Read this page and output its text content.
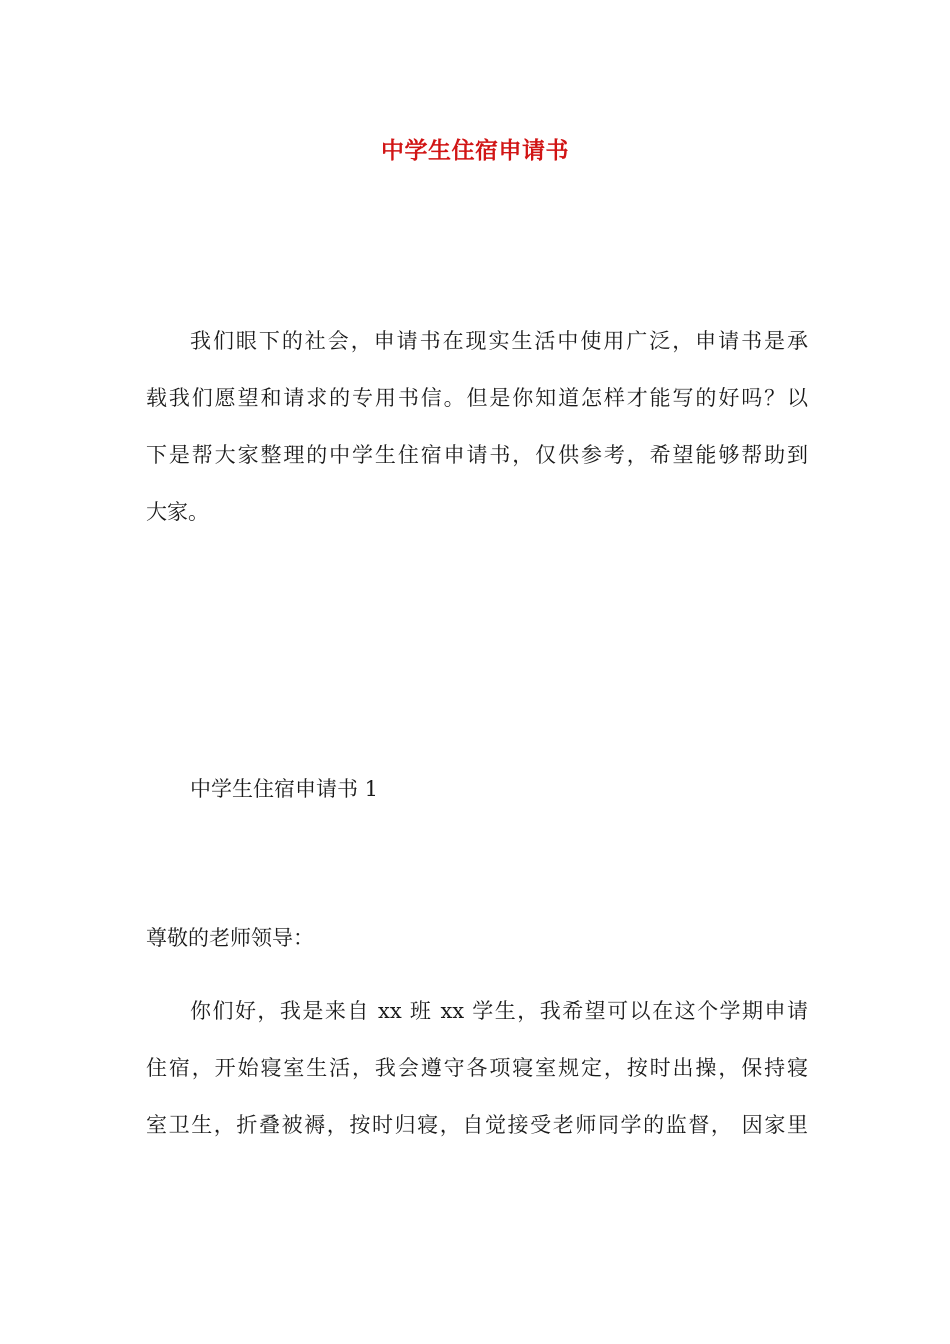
中学生住宿申请书
我们眼下的社会，申请书在现实生活中使用广泛，申请书是承
载我们愿望和请求的专用书信。但是你知道怎样才能写的好吗？以
下是帮大家整理的中学生住宿申请书，仅供参考，希望能够帮助到
大家。
中学生住宿申请书 1
尊敬的老师领导：
你们好，我是来自 xx 班 xx 学生，我希望可以在这个学期申请
住宿，开始寝室生活，我会遵守各项寝室规定，按时出操，保持寝
室卫生，折叠被褥，按时归寝，自觉接受老师同学的监督， 因家里
